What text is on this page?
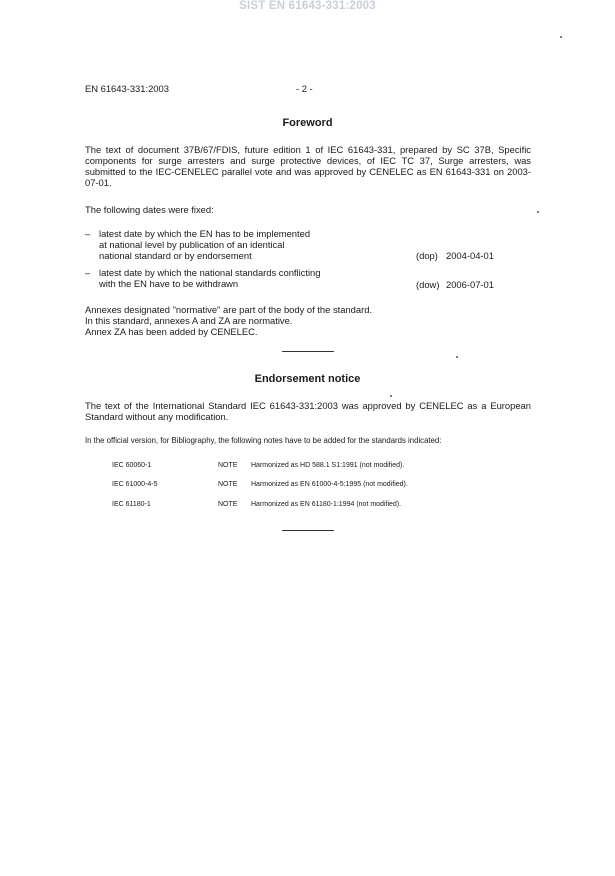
SIST EN 61643-331:2003
EN 61643-331:2003	- 2 -
Foreword
The text of document 37B/67/FDIS, future edition 1 of IEC 61643-331, prepared by SC 37B, Specific components for surge arresters and surge protective devices, of IEC TC 37, Surge arresters, was submitted to the IEC-CENELEC parallel vote and was approved by CENELEC as EN 61643-331 on 2003-07-01.
The following dates were fixed:
– latest date by which the EN has to be implemented
at national level by publication of an identical
national standard or by endorsement	(dop) 2004-04-01
– latest date by which the national standards conflicting
with the EN have to be withdrawn	(dow) 2006-07-01
Annexes designated "normative" are part of the body of the standard.
In this standard, annexes A and ZA are normative.
Annex ZA has been added by CENELEC.
Endorsement notice
The text of the International Standard IEC 61643-331:2003 was approved by CENELEC as a European Standard without any modification.
In the official version, for Bibliography, the following notes have to be added for the standards indicated:
IEC 60060-1	NOTE Harmonized as HD 588.1 S1:1991 (not modified).
IEC 61000-4-5	NOTE Harmonized as EN 61000-4-5:1995 (not modified).
IEC 61180-1	NOTE Harmonized as EN 61180-1:1994 (not modified).
